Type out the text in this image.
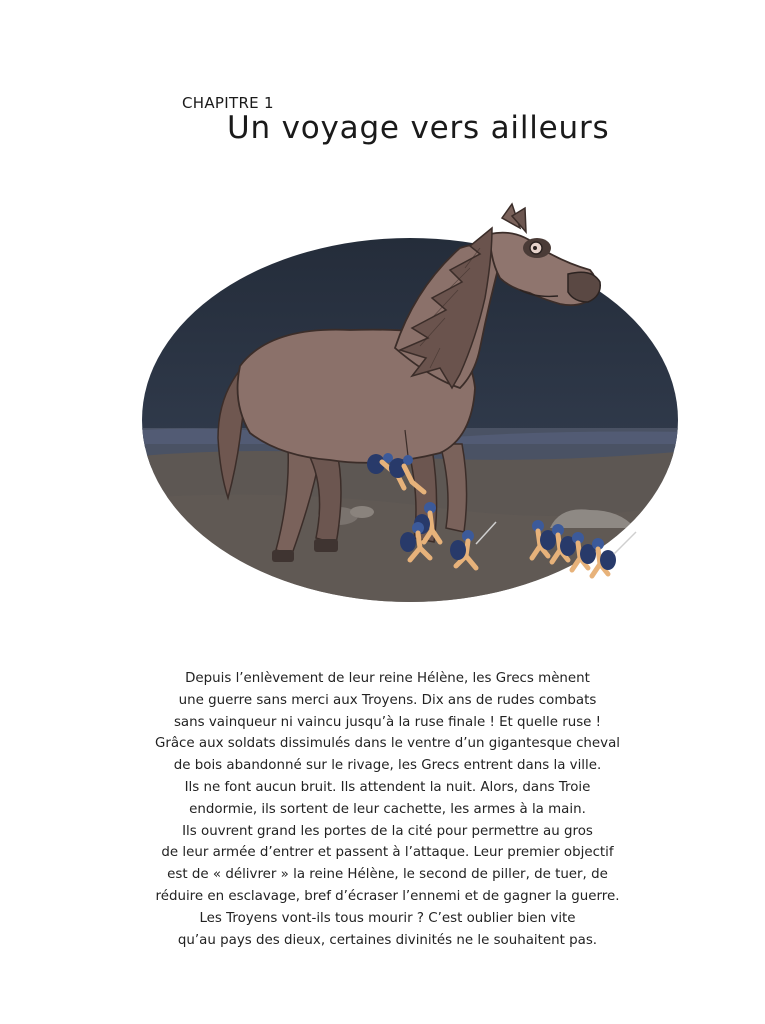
CHAPITRE 1
Un voyage vers ailleurs
Depuis l’enlèvement de leur reine Hélène, les Grecs mènent
une guerre sans merci aux Troyens. Dix ans de rudes combats
sans vainqueur ni vaincu jusqu’à la ruse finale ! Et quelle ruse !
Grâce aux soldats dissimulés dans le ventre d’un gigantesque cheval
de bois abandonné sur le rivage, les Grecs entrent dans la ville.
Ils ne font aucun bruit. Ils attendent la nuit. Alors, dans Troie
endormie, ils sortent de leur cachette, les armes à la main.
Ils ouvrent grand les portes de la cité pour permettre au gros
de leur armée d’entrer et passent à l’attaque. Leur premier objectif
est de « délivrer » la reine Hélène, le second de piller, de tuer, de
réduire en esclavage, bref d’écraser l’ennemi et de gagner la guerre.
Les Troyens vont-ils tous mourir ? C’est oublier bien vite
qu’au pays des dieux, certaines divinités ne le souhaitent pas.
